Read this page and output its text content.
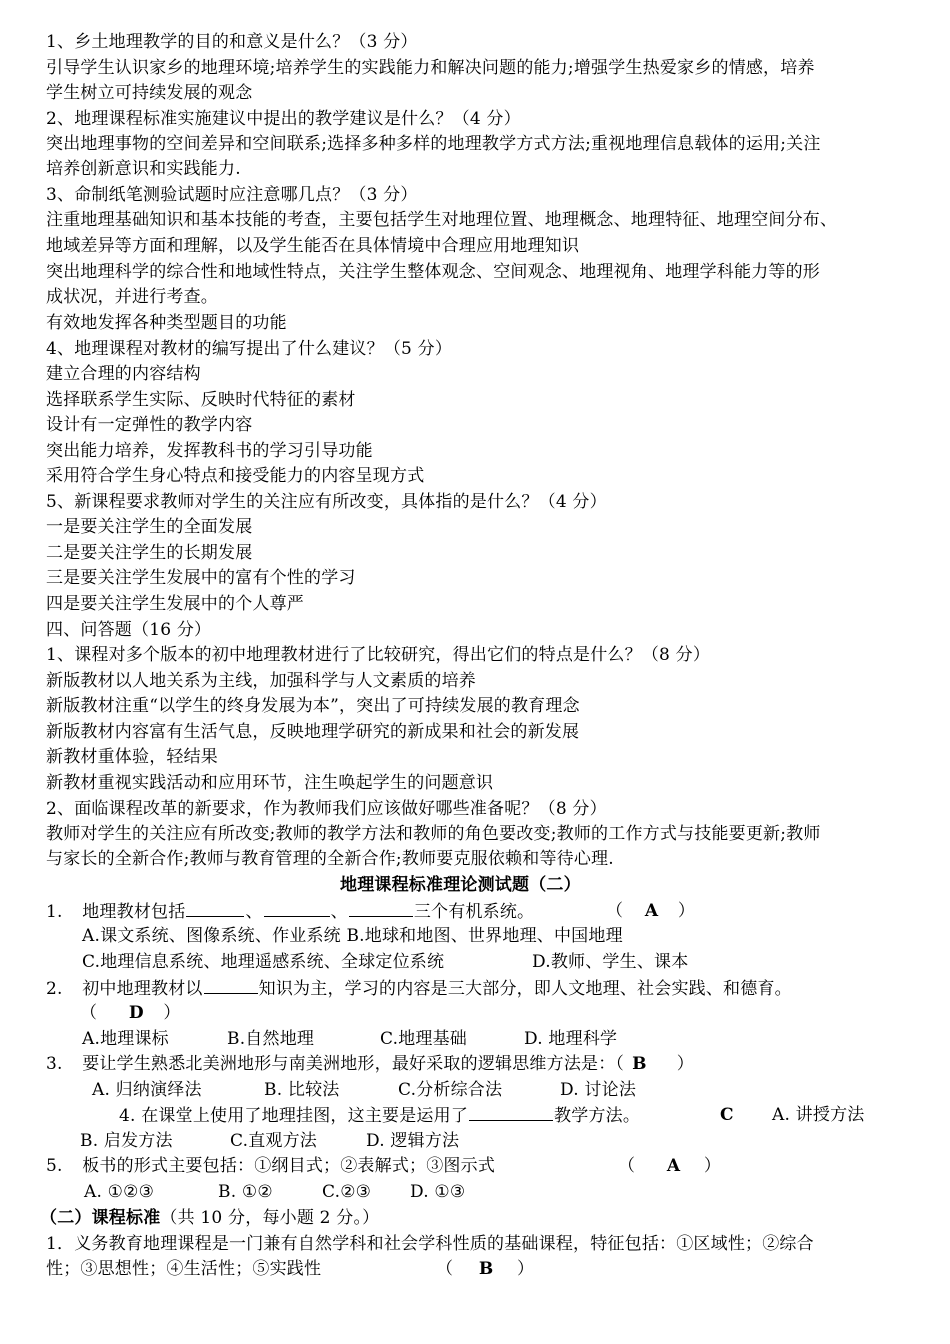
1、乡土地理教学的目的和意义是什么？（3 分）
引导学生认识家乡的地理环境;培养学生的实践能力和解决问题的能力;增强学生热爱家乡的情感，培养
学生树立可持续发展的观念
2、地理课程标准实施建议中提出的教学建议是什么？（4 分）
突出地理事物的空间差异和空间联系;选择多种多样的地理教学方式方法;重视地理信息载体的运用;关注
培养创新意识和实践能力.
3、命制纸笔测验试题时应注意哪几点？（3 分）
注重地理基础知识和基本技能的考查，主要包括学生对地理位置、地理概念、地理特征、地理空间分布、
地域差异等方面和理解，以及学生能否在具体情境中合理应用地理知识
突出地理科学的综合性和地域性特点，关注学生整体观念、空间观念、地理视角、地理学科能力等的形
成状况，并进行考查。
有效地发挥各种类型题目的功能
4、地理课程对教材的编写提出了什么建议？（5 分）
建立合理的内容结构
选择联系学生实际、反映时代特征的素材
设计有一定弹性的教学内容
突出能力培养，发挥教科书的学习引导功能
采用符合学生身心特点和接受能力的内容呈现方式
5、新课程要求教师对学生的关注应有所改变，具体指的是什么？（4 分）
一是要关注学生的全面发展
二是要关注学生的长期发展
三是要关注学生发展中的富有个性的学习
四是要关注学生发展中的个人尊严
四、问答题（16 分）
1、课程对多个版本的初中地理教材进行了比较研究，得出它们的特点是什么？（8 分）
新版教材以人地关系为主线，加强科学与人文素质的培养
新版教材注重“以学生的终身发展为本”，突出了可持续发展的教育理念
新版教材内容富有生活气息，反映地理学研究的新成果和社会的新发展
新教材重体验，轻结果
新教材重视实践活动和应用环节，注生唤起学生的问题意识
2、面临课程改革的新要求，作为教师我们应该做好哪些准备呢？（8 分）
教师对学生的关注应有所改变;教师的教学方法和教师的角色要改变;教师的工作方式与技能要更新;教师
与家长的全新合作;教师与教育管理的全新合作;教师要克服依赖和等待心理.
地理课程标准理论测试题（二）
1. 地理教材包括	、	、	三个有机系统。	（ A ）
A.课文系统、图像系统、作业系统 B.地球和地图、世界地理、中国地理
C.地理信息系统、地理遥感系统、全球定位系统	D.教师、学生、课本
2. 初中地理教材以	知识为主，学习的内容是三大部分，即人文地理、社会实践、和德育。
（ D ）
A.地理课标	B.自然地理	C.地理基础	D. 地理科学
3. 要让学生熟悉北美洲地形与南美洲地形，最好采取的逻辑思维方法是：（ B ）
A. 归纳演绎法	B. 比较法	C.分析综合法	D. 讨论法
4. 在课堂上使用了地理挂图，这主要是运用了	教学方法。	C A. 讲授方法
B. 启发方法	C.直观方法	D. 逻辑方法
5. 板书的形式主要包括：①纲目式；②表解式；③图示式	（ A ）
A. ①②③	B. ①②	C.②③ D. ①③
（二）课程标准（共 10 分，每小题 2 分。）
1．义务教育地理课程是一门兼有自然学科和社会学科性质的基础课程，特征包括：①区域性；②综合
性；③思想性；④生活性；⑤实践性	（ B ）
